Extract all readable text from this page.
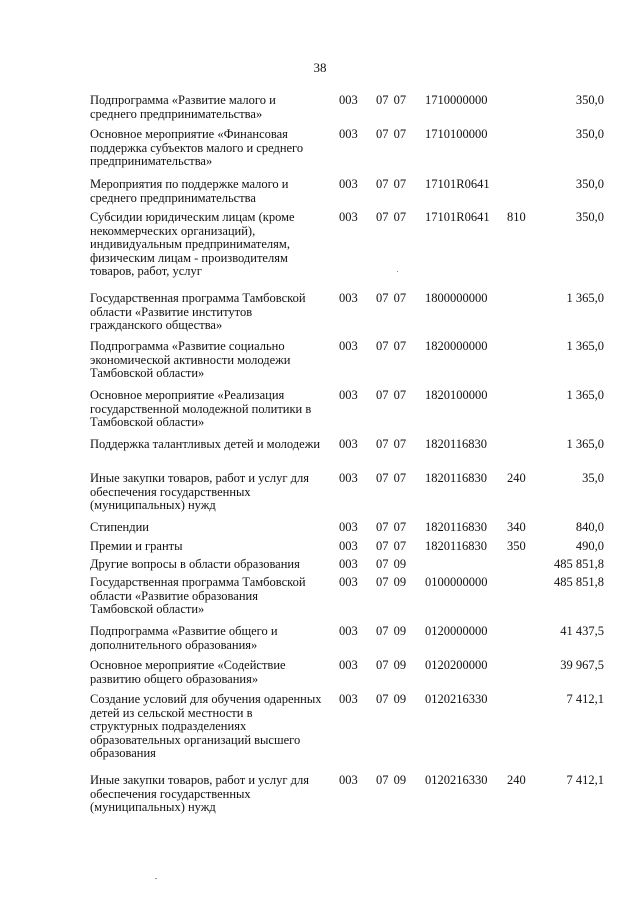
38
Подпрограмма «Развитие малого и среднего предпринимательства»
003 07 07 1710000000	350,0
Основное мероприятие «Финансовая поддержка субъектов малого и среднего предпринимательства»
003 07 07 1710100000	350,0
Мероприятия по поддержке малого и среднего предпринимательства
003 07 07 17101R0641	350,0
Субсидии юридическим лицам (кроме некоммерческих организаций), индивидуальным предпринимателям, физическим лицам - производителям товаров, работ, услуг
003 07 07 17101R0641 810	350,0
Государственная программа Тамбовской области «Развитие институтов гражданского общества»
003 07 07 1800000000	1 365,0
Подпрограмма «Развитие социально экономической активности молодежи Тамбовской области»
003 07 07 1820000000	1 365,0
Основное мероприятие «Реализация государственной молодежной политики в Тамбовской области»
003 07 07 1820100000	1 365,0
Поддержка талантливых детей и молодежи	003 07 07 1820116830	1 365,0
Иные закупки товаров, работ и услуг для обеспечения государственных (муниципальных) нужд
003 07 07 1820116830 240	35,0
Стипендии	003 07 07 1820116830 340	840,0
Премии и гранты	003 07 07 1820116830 350	490,0
Другие вопросы в области образования	003 07 09	485 851,8
Государственная программа Тамбовской области «Развитие образования Тамбовской области»
003 07 09 0100000000	485 851,8
Подпрограмма «Развитие общего и дополнительного образования»
003 07 09 0120000000	41 437,5
Основное мероприятие «Содействие развитию общего образования»
003 07 09 0120200000	39 967,5
Создание условий для обучения одаренных детей из сельской местности в структурных подразделениях образовательных организаций высшего образования
003 07 09 0120216330	7 412,1
Иные закупки товаров, работ и услуг для обеспечения государственных (муниципальных) нужд
003 07 09 0120216330 240	7 412,1
